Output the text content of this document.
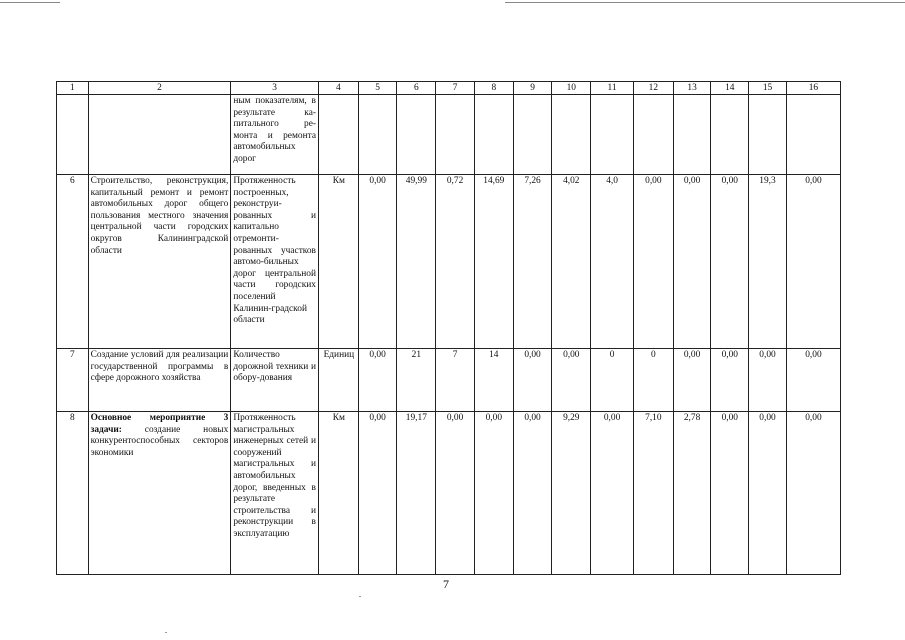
1	2	3	4	5	6	7	8	9	10	11	12	13	14	15	16
		ным показателям, в результате ка-питального ре-монта и ремонта автомобильных дорог													
6	Строительство, реконструкция, капитальный ремонт и ремонт автомобильных дорог общего пользования местного значения центральной части городских округов Калининградской области	Протяженность построенных, реконструи-рованных и капитально отремонти-рованных участков автомо-бильных дорог центральной части городских поселений Калинин-градской области	Км	0,00	49,99	0,72	14,69	7,26	4,02	4,0	0,00	0,00	0,00	19,3	0,00
7	Создание условий для реализации государственной программы в сфере дорожного хозяйства	Количество дорожной техники и обору-дования	Единиц	0,00	21	7	14	0,00	0,00	0	0	0,00	0,00	0,00	0,00
8	Основное мероприятие 3 задачи: создание новых конкурентоспособных секторов экономики	Протяженность магистральных инженерных сетей и сооружений магистральных и автомобильных дорог, введенных в результате строительства и реконструкции в эксплуатацию	Км	0,00	19,17	0,00	0,00	0,00	9,29	0,00	7,10	2,78	0,00	0,00	0,00
7
